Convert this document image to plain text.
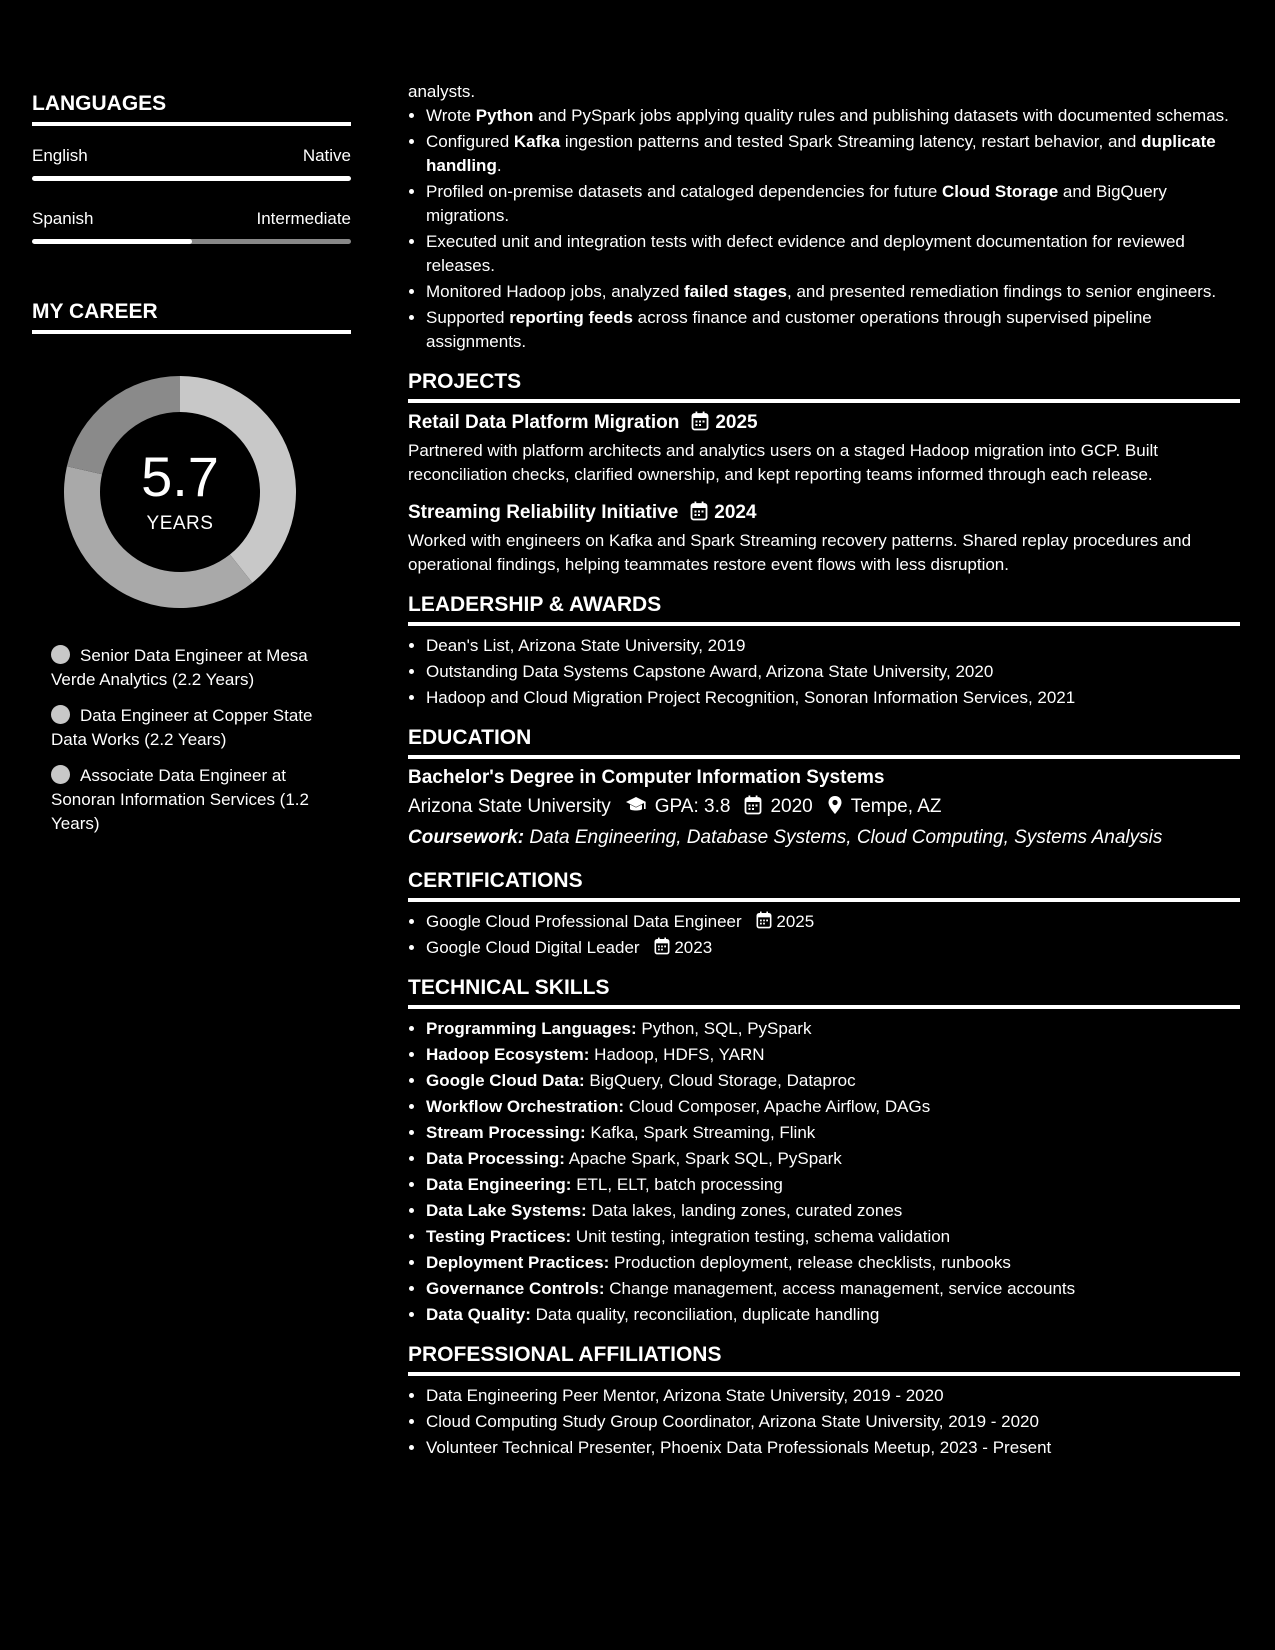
LANGUAGES
English	Native
Spanish	Intermediate
MY CAREER
5.7
YEARS
Senior Data Engineer at Mesa Verde Analytics (2.2 Years)
Data Engineer at Copper State Data Works (2.2 Years)
Associate Data Engineer at Sonoran Information Services (1.2 Years)
analysts.
• Wrote Python and PySpark jobs applying quality rules and publishing datasets with documented schemas.
• Configured Kafka ingestion patterns and tested Spark Streaming latency, restart behavior, and duplicate handling.
• Profiled on-premise datasets and cataloged dependencies for future Cloud Storage and BigQuery migrations.
• Executed unit and integration tests with defect evidence and deployment documentation for reviewed releases.
• Monitored Hadoop jobs, analyzed failed stages, and presented remediation findings to senior engineers.
• Supported reporting feeds across finance and customer operations through supervised pipeline assignments.
PROJECTS
Retail Data Platform Migration 2025
Partnered with platform architects and analytics users on a staged Hadoop migration into GCP. Built reconciliation checks, clarified ownership, and kept reporting teams informed through each release.
Streaming Reliability Initiative 2024
Worked with engineers on Kafka and Spark Streaming recovery patterns. Shared replay procedures and operational findings, helping teammates restore event flows with less disruption.
LEADERSHIP & AWARDS
• Dean's List, Arizona State University, 2019
• Outstanding Data Systems Capstone Award, Arizona State University, 2020
• Hadoop and Cloud Migration Project Recognition, Sonoran Information Services, 2021
EDUCATION
Bachelor's Degree in Computer Information Systems
Arizona State University GPA: 3.8 2020 Tempe, AZ
Coursework: Data Engineering, Database Systems, Cloud Computing, Systems Analysis
CERTIFICATIONS
• Google Cloud Professional Data Engineer 2025
• Google Cloud Digital Leader 2023
TECHNICAL SKILLS
• Programming Languages: Python, SQL, PySpark
• Hadoop Ecosystem: Hadoop, HDFS, YARN
• Google Cloud Data: BigQuery, Cloud Storage, Dataproc
• Workflow Orchestration: Cloud Composer, Apache Airflow, DAGs
• Stream Processing: Kafka, Spark Streaming, Flink
• Data Processing: Apache Spark, Spark SQL, PySpark
• Data Engineering: ETL, ELT, batch processing
• Data Lake Systems: Data lakes, landing zones, curated zones
• Testing Practices: Unit testing, integration testing, schema validation
• Deployment Practices: Production deployment, release checklists, runbooks
• Governance Controls: Change management, access management, service accounts
• Data Quality: Data quality, reconciliation, duplicate handling
PROFESSIONAL AFFILIATIONS
• Data Engineering Peer Mentor, Arizona State University, 2019 - 2020
• Cloud Computing Study Group Coordinator, Arizona State University, 2019 - 2020
• Volunteer Technical Presenter, Phoenix Data Professionals Meetup, 2023 - Present
